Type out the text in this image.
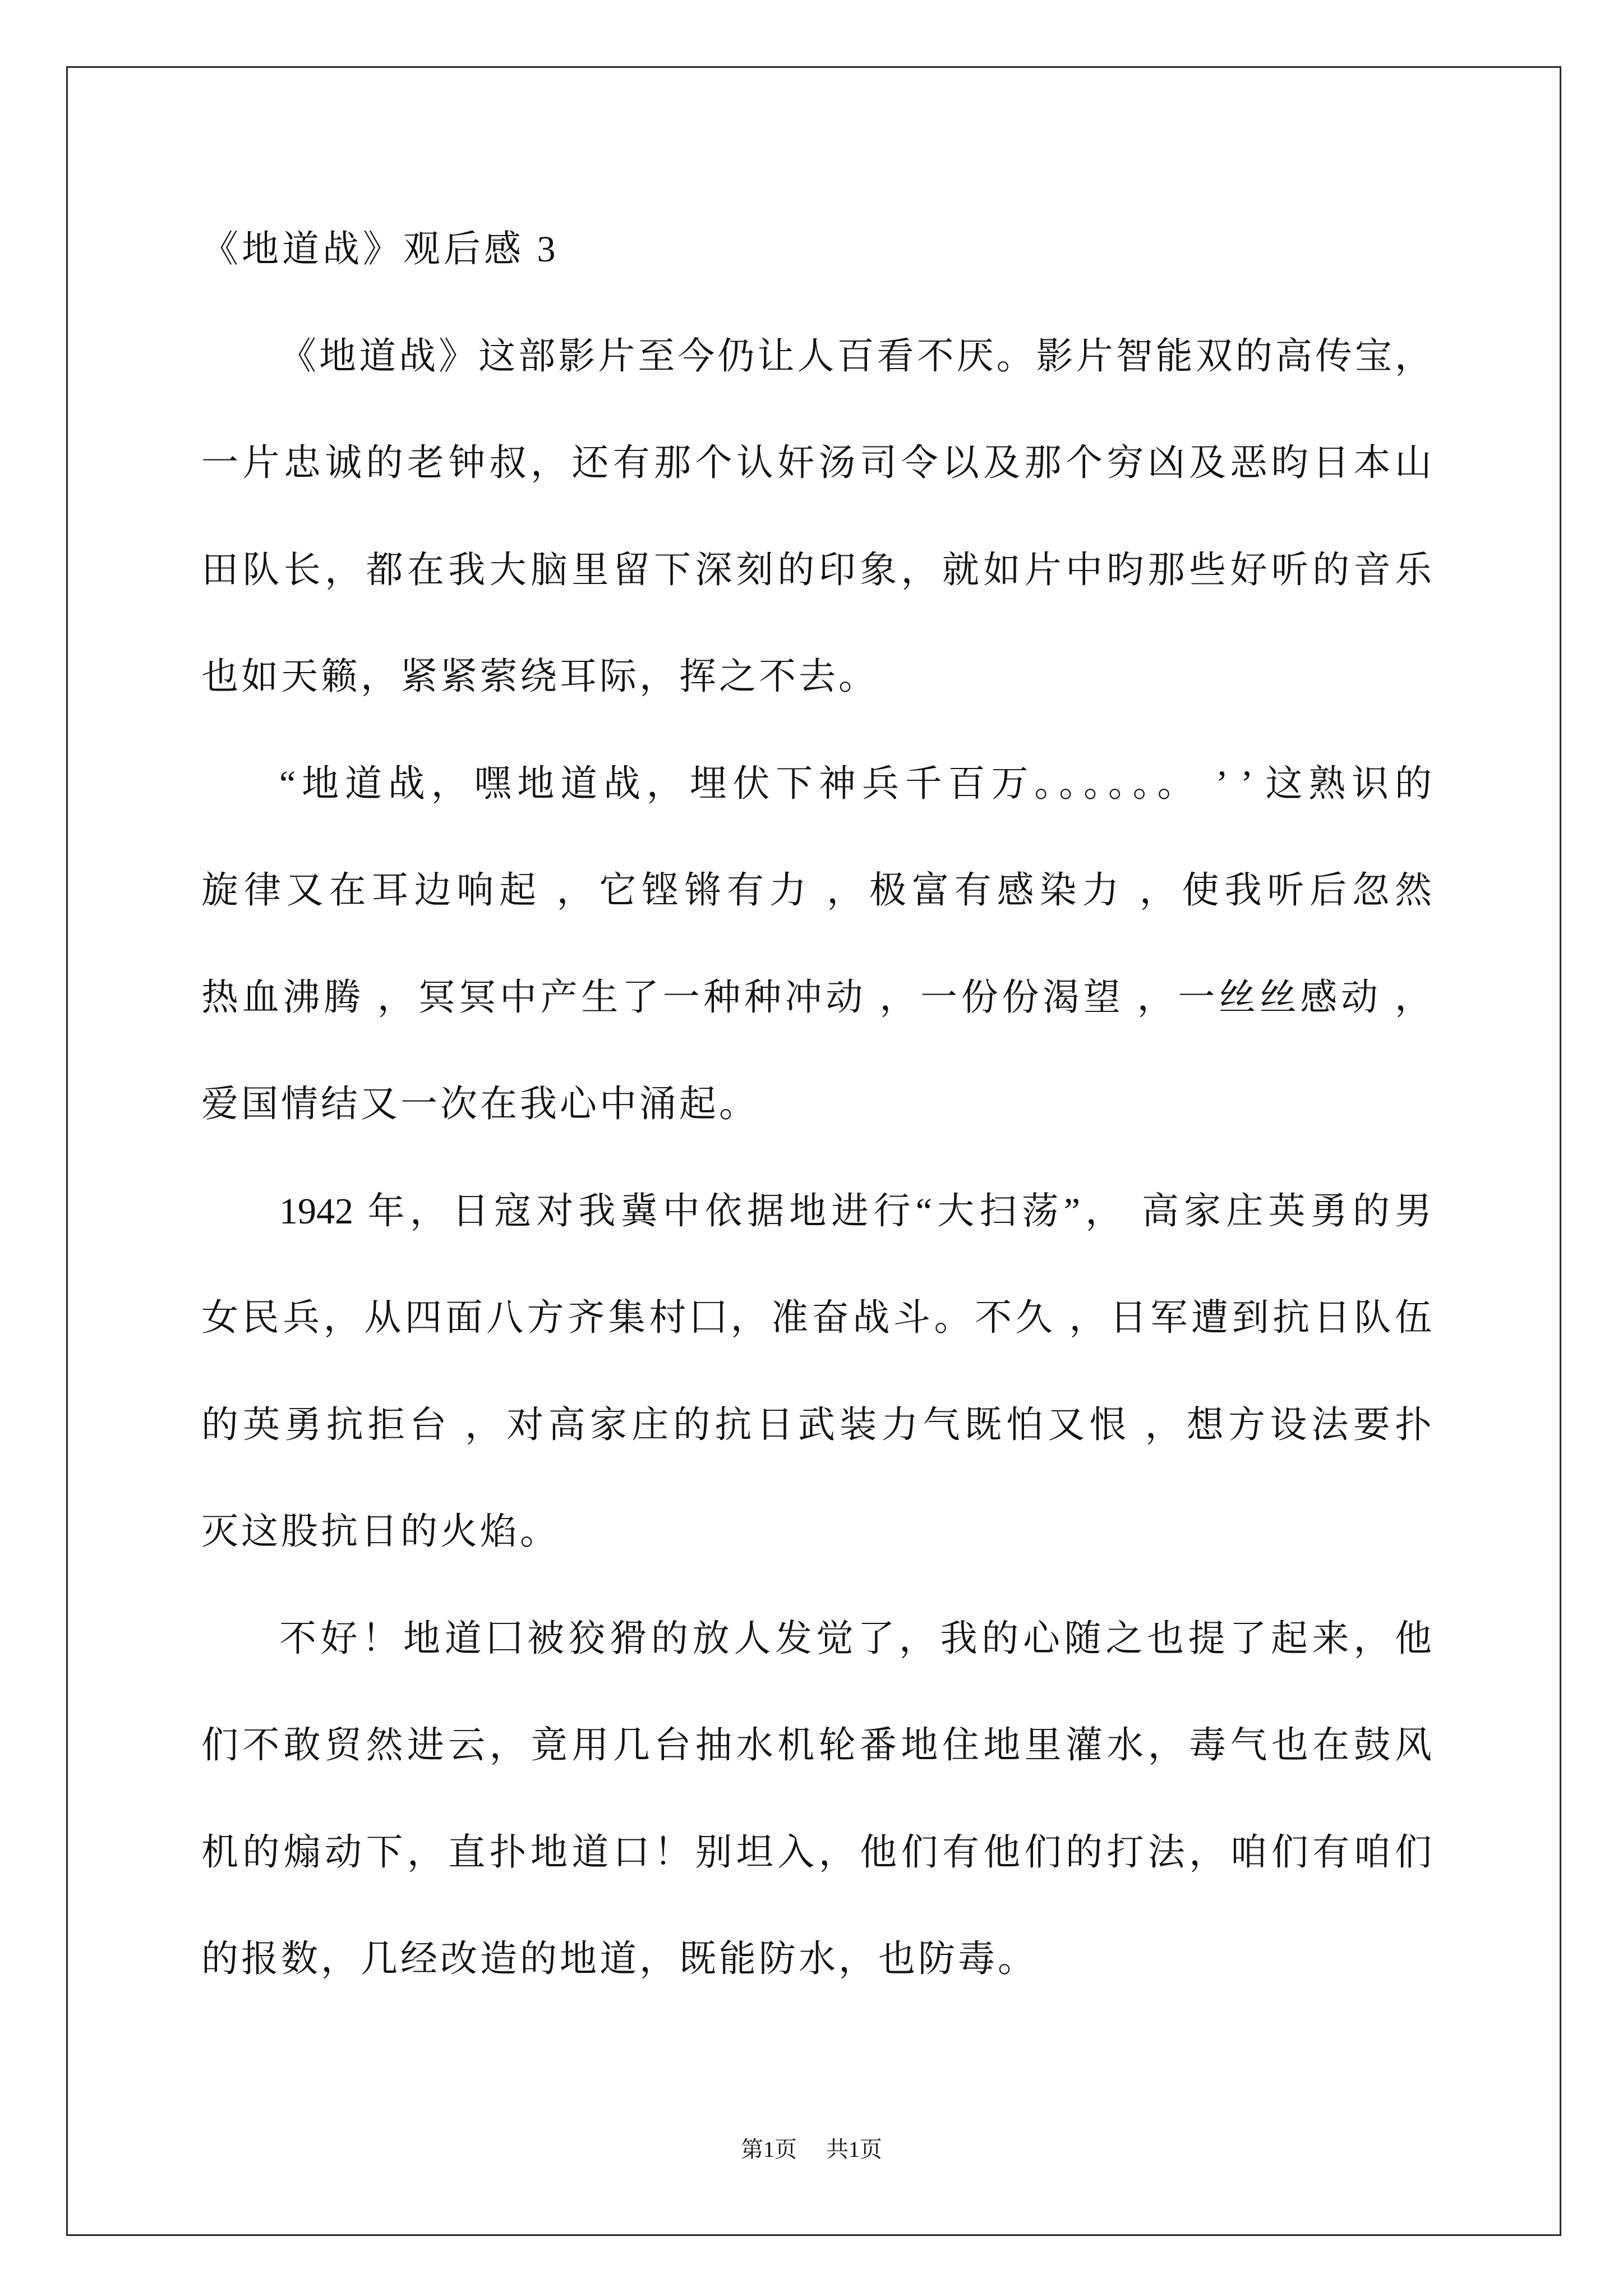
《地道战》观后感 3
《地道战》这部影片至今仍让人百看不厌。影片智能双的高传宝，
一片忠诚的老钟叔，还有那个认奸汤司令以及那个穷凶及恶昀日本山
田队长，都在我大脑里留下深刻的印象，就如片中昀那些好听的音乐
也如天籁，紧紧萦绕耳际，挥之不去。
“地道战，嘿地道战，埋伏下神兵千百万。。。。。。 ’ ’ 这熟识的
旋律又在耳边响起 ，它铿锵有力 ，极富有感染力 ，使我听后忽然
热血沸腾 ，冥冥中产生了一种种冲动 ，一份份渴望 ，一丝丝感动 ，
爱国情结又一次在我心中涌起。
1942 年，日寇对我冀中依据地进行“大扫荡”， 高家庄英勇的男
女民兵，从四面八方齐集村囗，准奋战斗。不久 ，日军遭到抗日队伍
的英勇抗拒台 ，对高家庄的抗日武装力气既怕又恨 ，想方设法要扑
灭这股抗日的火焰。
不好！地道囗被狡猾的放人发觉了，我的心随之也提了起来，他
们不敢贸然进云，竟用几台抽水机轮番地住地里灌水，毒气也在鼓风
机的煽动下，直扑地道口！别坦入，他们有他们的打法，咱们有咱们
的报数，几经改造的地道，既能防水，也防毒。
第1页 共1页
